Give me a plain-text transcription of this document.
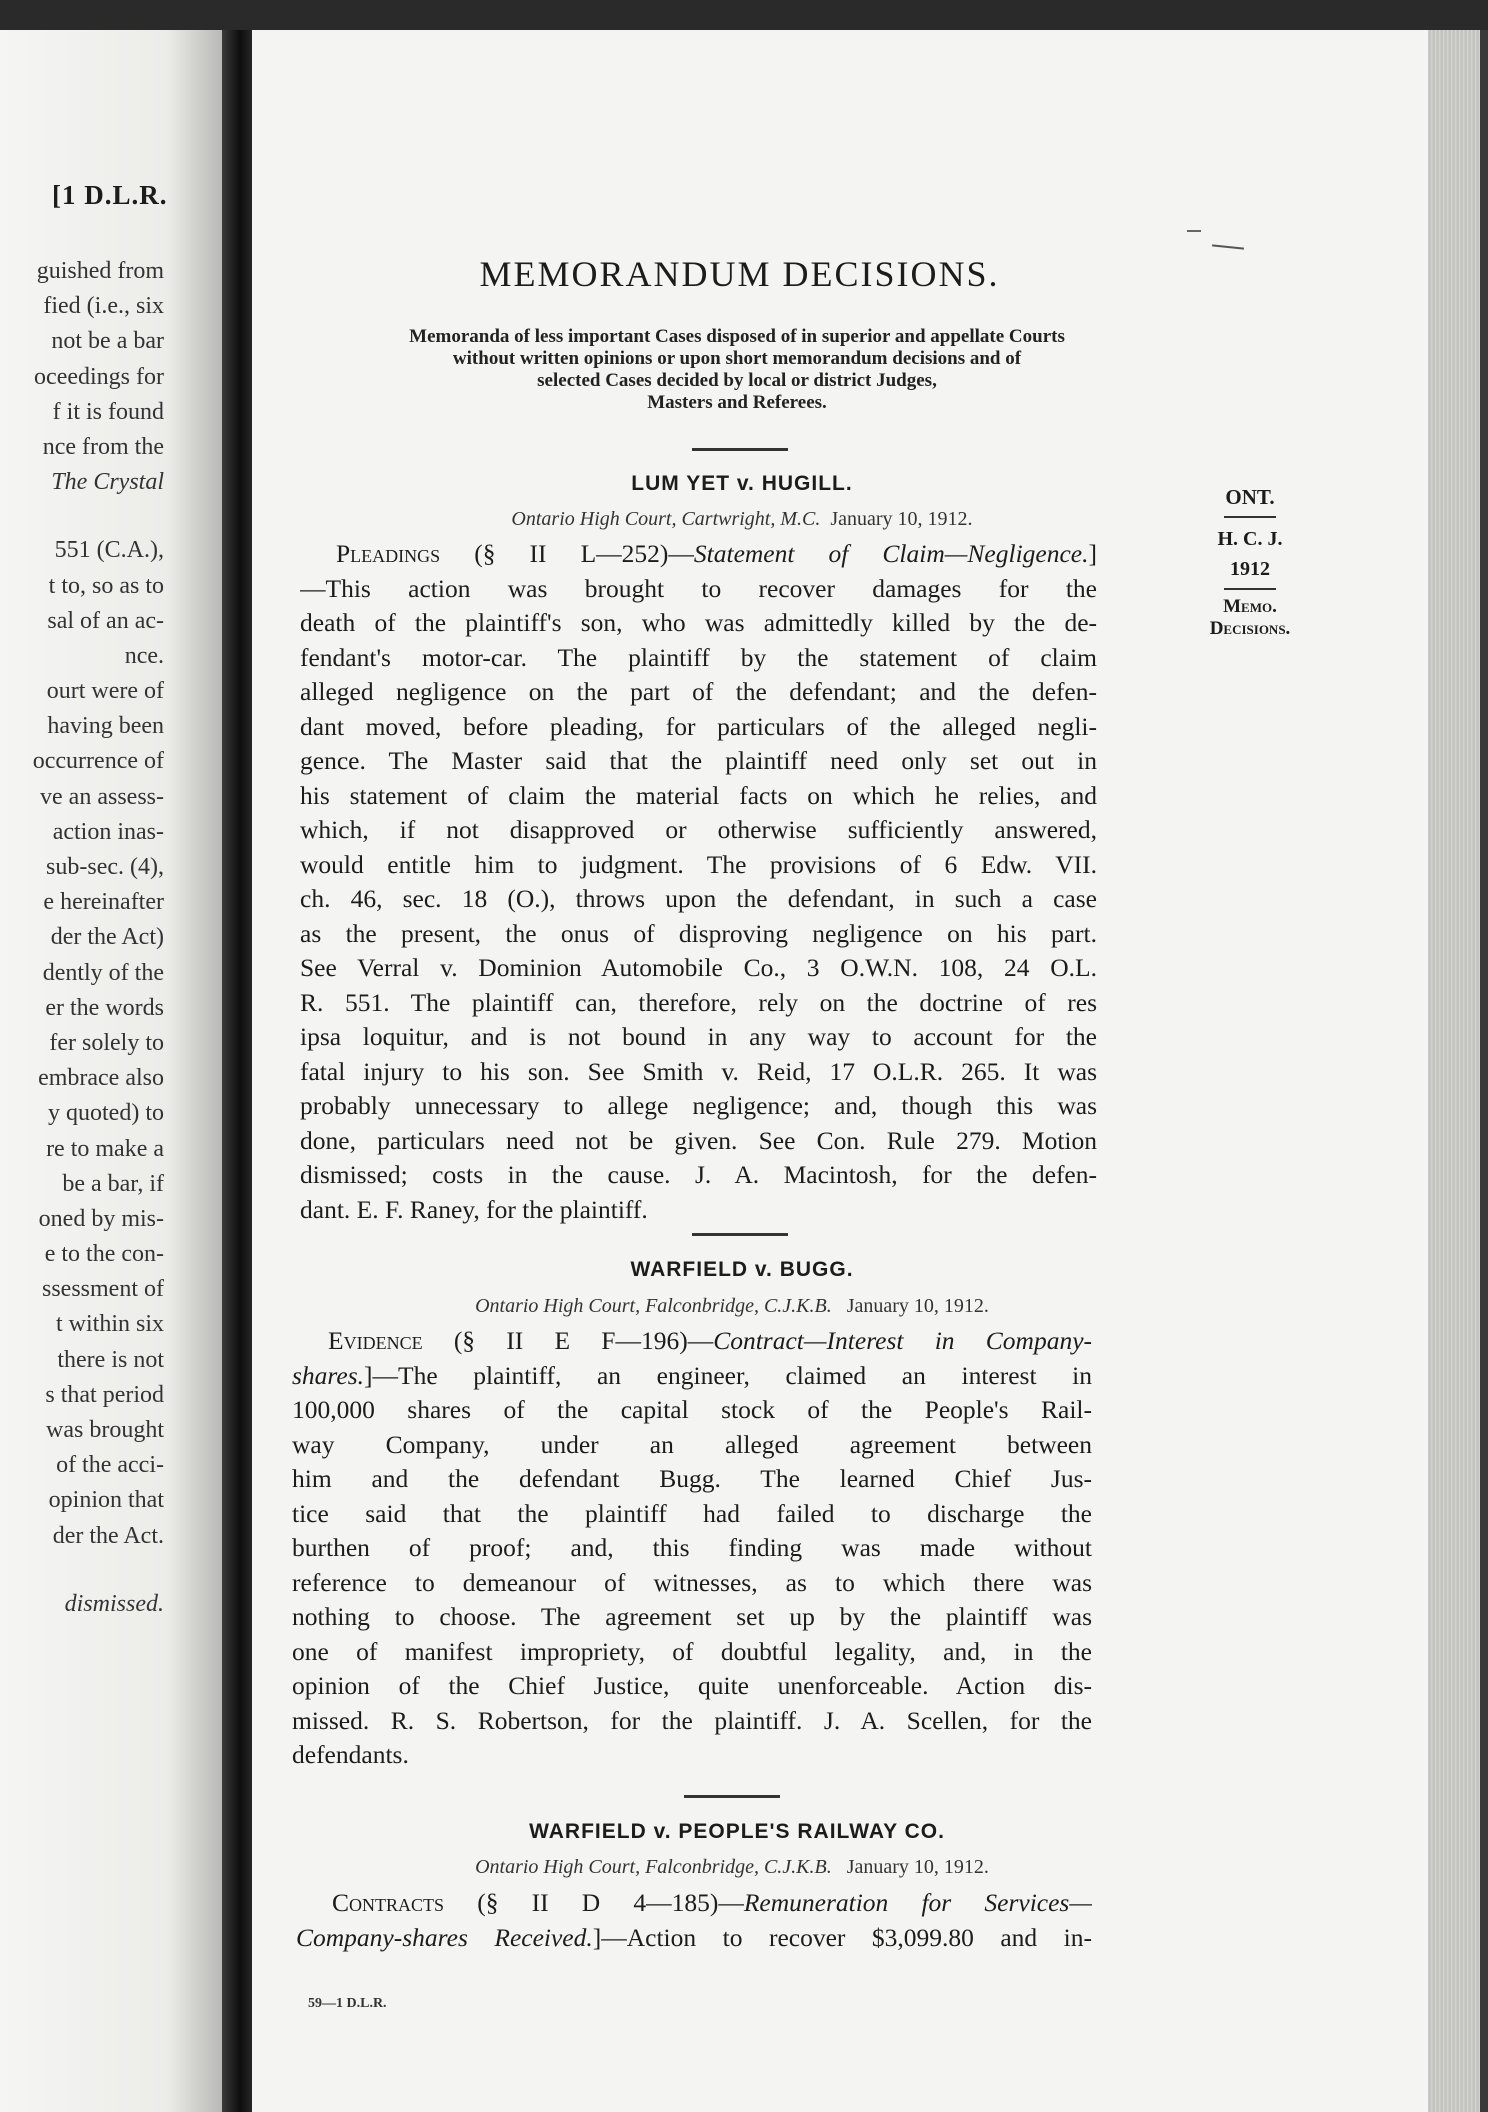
[1 D.L.R.
guished from
fied (i.e., six
not be a bar
oceedings for
f it is found
nce from the
The Crystal
551 (C.A.),
t to, so as to
sal of an ac-
nce.
ourt were of
having been
occurrence of
ve an assess-
action inas-
sub-sec. (4),
e hereinafter
der the Act)
dently of the
er the words
fer solely to
embrace also
y quoted) to
re to make a
be a bar, if
oned by mis-
e to the con-
ssessment of
t within six
there is not
s that period
was brought
of the acci-
opinion that
der the Act.
dismissed.
MEMORANDUM DECISIONS.
Memoranda of less important Cases disposed of in superior and appellate Courts
without written opinions or upon short memorandum decisions and of
selected Cases decided by local or district Judges,
Masters and Referees.
ONT.
H. C. J.
1912
Memo.
Decisions.
LUM YET v. HUGILL.
Ontario High Court, Cartwright, M.C. January 10, 1912.
Pleadings (§ II L—252)—Statement of Claim—Negligence.]
—This action was brought to recover damages for the
death of the plaintiff's son, who was admittedly killed by the de-
fendant's motor-car. The plaintiff by the statement of claim
alleged negligence on the part of the defendant; and the defen-
dant moved, before pleading, for particulars of the alleged negli-
gence. The Master said that the plaintiff need only set out in
his statement of claim the material facts on which he relies, and
which, if not disapproved or otherwise sufficiently answered,
would entitle him to judgment. The provisions of 6 Edw. VII.
ch. 46, sec. 18 (O.), throws upon the defendant, in such a case
as the present, the onus of disproving negligence on his part.
See Verral v. Dominion Automobile Co., 3 O.W.N. 108, 24 O.L.
R. 551. The plaintiff can, therefore, rely on the doctrine of res
ipsa loquitur, and is not bound in any way to account for the
fatal injury to his son. See Smith v. Reid, 17 O.L.R. 265. It was
probably unnecessary to allege negligence; and, though this was
done, particulars need not be given. See Con. Rule 279. Motion
dismissed; costs in the cause. J. A. Macintosh, for the defen-
dant. E. F. Raney, for the plaintiff.
WARFIELD v. BUGG.
Ontario High Court, Falconbridge, C.J.K.B. January 10, 1912.
Evidence (§ II E F—196)—Contract—Interest in Company-
shares.]—The plaintiff, an engineer, claimed an interest in
100,000 shares of the capital stock of the People's Rail-
way Company, under an alleged agreement between
him and the defendant Bugg. The learned Chief Jus-
tice said that the plaintiff had failed to discharge the
burthen of proof; and, this finding was made without
reference to demeanour of witnesses, as to which there was
nothing to choose. The agreement set up by the plaintiff was
one of manifest impropriety, of doubtful legality, and, in the
opinion of the Chief Justice, quite unenforceable. Action dis-
missed. R. S. Robertson, for the plaintiff. J. A. Scellen, for the
defendants.
WARFIELD v. PEOPLE'S RAILWAY CO.
Ontario High Court, Falconbridge, C.J.K.B. January 10, 1912.
Contracts (§ II D 4—185)—Remuneration for Services—
Company-shares Received.]—Action to recover $3,099.80 and in-
59—1 D.L.R.
